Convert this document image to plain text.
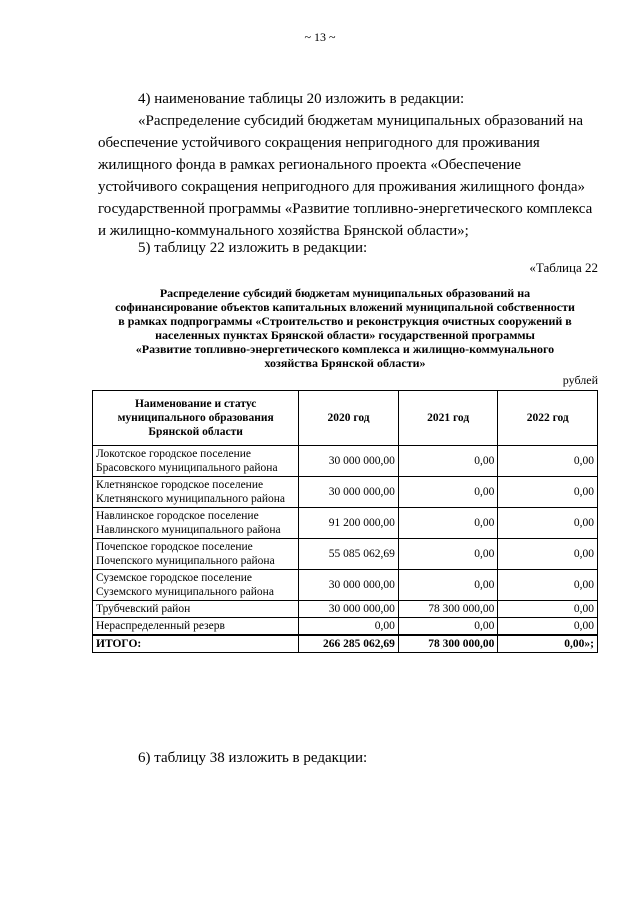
~ 13 ~
4) наименование таблицы 20 изложить в редакции:
«Распределение субсидий бюджетам муниципальных образований на
обеспечение устойчивого сокращения непригодного для проживания
жилищного фонда в рамках регионального проекта «Обеспечение
устойчивого сокращения непригодного для проживания жилищного фонда»
государственной программы «Развитие топливно-энергетического комплекса
и жилищно-коммунального хозяйства Брянской области»;
5) таблицу 22 изложить в редакции:
«Таблица 22
Распределение субсидий бюджетам муниципальных образований на
софинансирование объектов капитальных вложений муниципальной собственности
в рамках подпрограммы «Строительство и реконструкция очистных сооружений в
населенных пунктах Брянской области» государственной программы
«Развитие топливно-энергетического комплекса и жилищно-коммунального
хозяйства Брянской области»
рублей
Наименование и статус муниципального образования Брянской области	2020 год	2021 год	2022 год
Локотское городское поселение Брасовского муниципального района	30 000 000,00	0,00	0,00
Клетнянское городское поселение Клетнянского муниципального района	30 000 000,00	0,00	0,00
Навлинское городское поселение Навлинского муниципального района	91 200 000,00	0,00	0,00
Почепское городское поселение Почепского муниципального района	55 085 062,69	0,00	0,00
Суземское городское поселение Суземского муниципального района	30 000 000,00	0,00	0,00
Трубчевский район	30 000 000,00	78 300 000,00	0,00
Нераспределенный резерв	0,00	0,00	0,00
ИТОГО:	266 285 062,69	78 300 000,00	0,00»;
6) таблицу 38 изложить в редакции:
